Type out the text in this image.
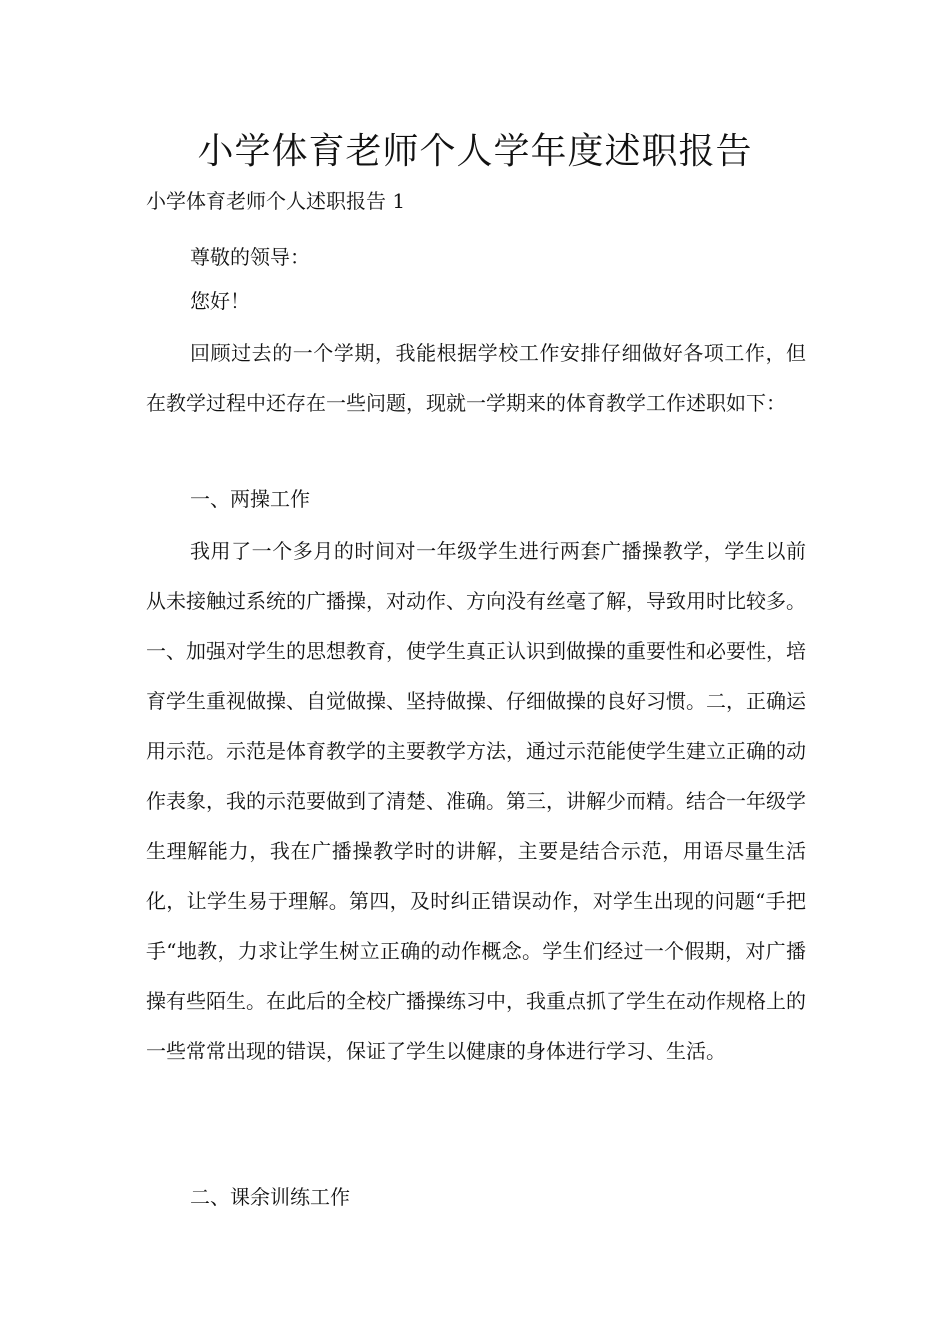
小学体育老师个人学年度述职报告

小学体育老师个人述职报告 1

尊敬的领导：

您好！

回顾过去的一个学期，我能根据学校工作安排仔细做好各项工作，但在教学过程中还存在一些问题，现就一学期来的体育教学工作述职如下：

一、两操工作

我用了一个多月的时间对一年级学生进行两套广播操教学，学生以前从未接触过系统的广播操，对动作、方向没有丝毫了解，导致用时比较多。一、加强对学生的思想教育，使学生真正认识到做操的重要性和必要性，培育学生重视做操、自觉做操、坚持做操、仔细做操的良好习惯。二，正确运用示范。示范是体育教学的主要教学方法，通过示范能使学生建立正确的动作表象，我的示范要做到了清楚、准确。第三，讲解少而精。结合一年级学生理解能力，我在广播操教学时的讲解，主要是结合示范，用语尽量生活化，让学生易于理解。第四，及时纠正错误动作，对学生出现的问题“手把手“地教，力求让学生树立正确的动作概念。学生们经过一个假期，对广播操有些陌生。在此后的全校广播操练习中，我重点抓了学生在动作规格上的一些常常出现的错误，保证了学生以健康的身体进行学习、生活。

二、课余训练工作
